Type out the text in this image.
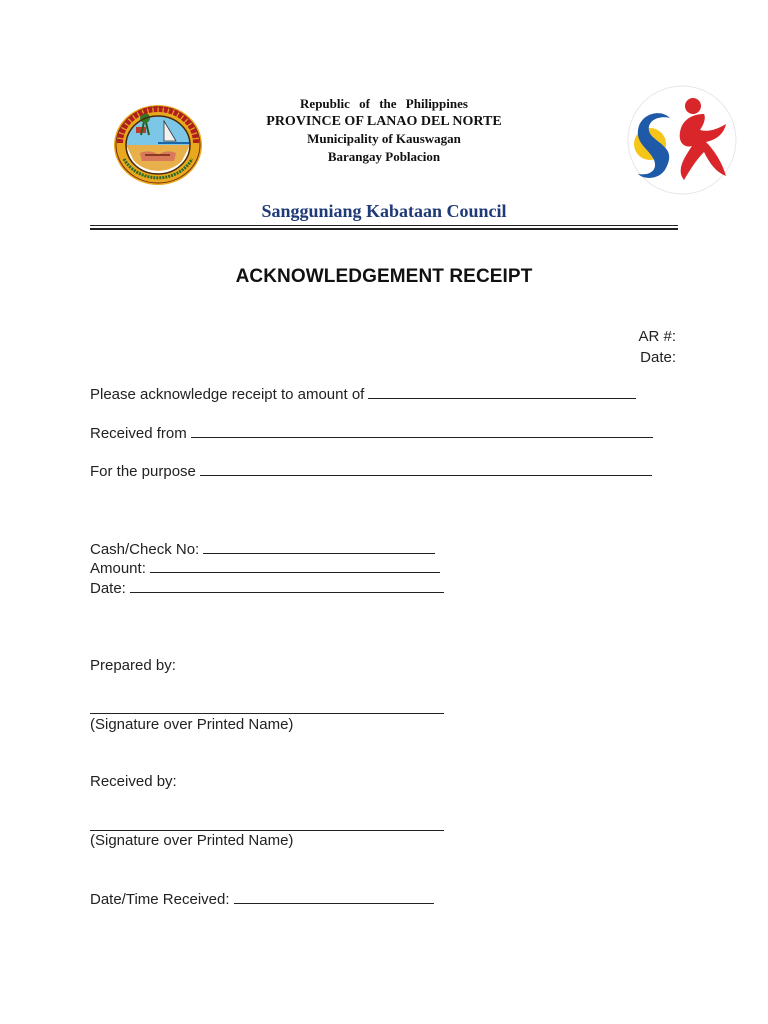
Republic of the Philippines
PROVINCE OF LANAO DEL NORTE
Municipality of Kauswagan
Barangay Poblacion
Sangguniang Kabataan Council
ACKNOWLEDGEMENT RECEIPT
AR #:
Date:
Please acknowledge receipt to amount of
Received from
For the purpose
Cash/Check No:
Amount:
Date:
Prepared by:
(Signature over Printed Name)
Received by:
(Signature over Printed Name)
Date/Time Received:
